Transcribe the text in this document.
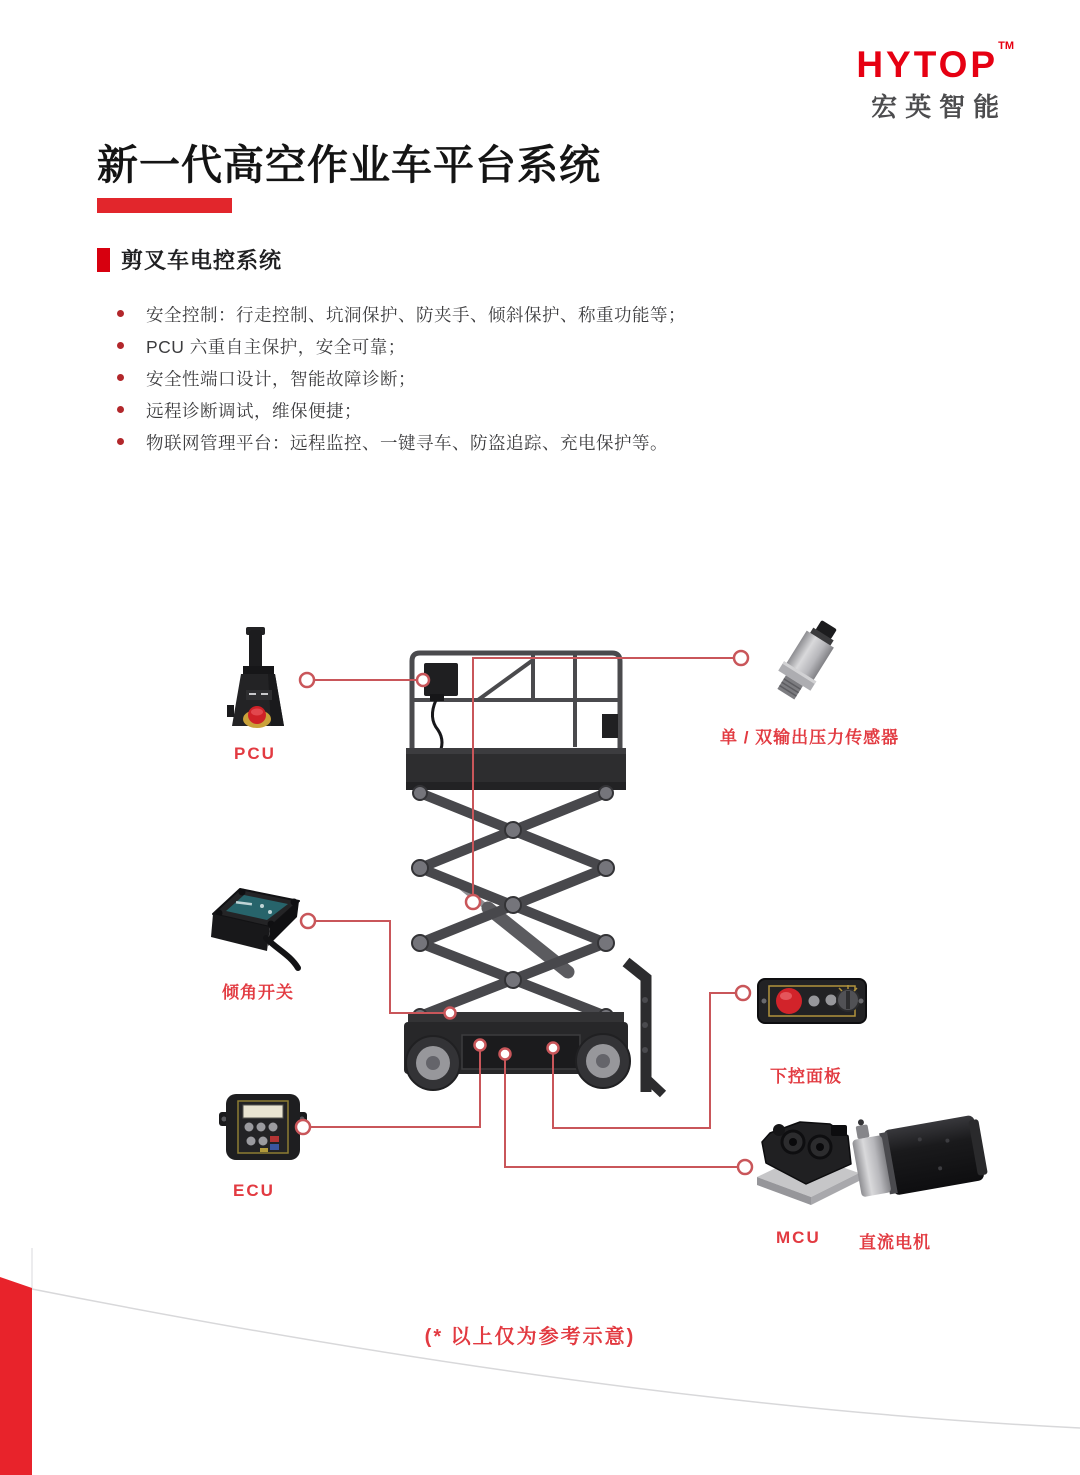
HYTOP™
宏英智能
新一代高空作业车平台系统
剪叉车电控系统
安全控制：行走控制、坑洞保护、防夹手、倾斜保护、称重功能等；
PCU 六重自主保护，安全可靠；
安全性端口设计，智能故障诊断；
远程诊断调试，维保便捷；
物联网管理平台：远程监控、一键寻车、防盗追踪、充电保护等。
PCU
单 / 双输出压力传感器
倾角开关
下控面板
ECU
MCU 直流电机
(* 以上仅为参考示意)
